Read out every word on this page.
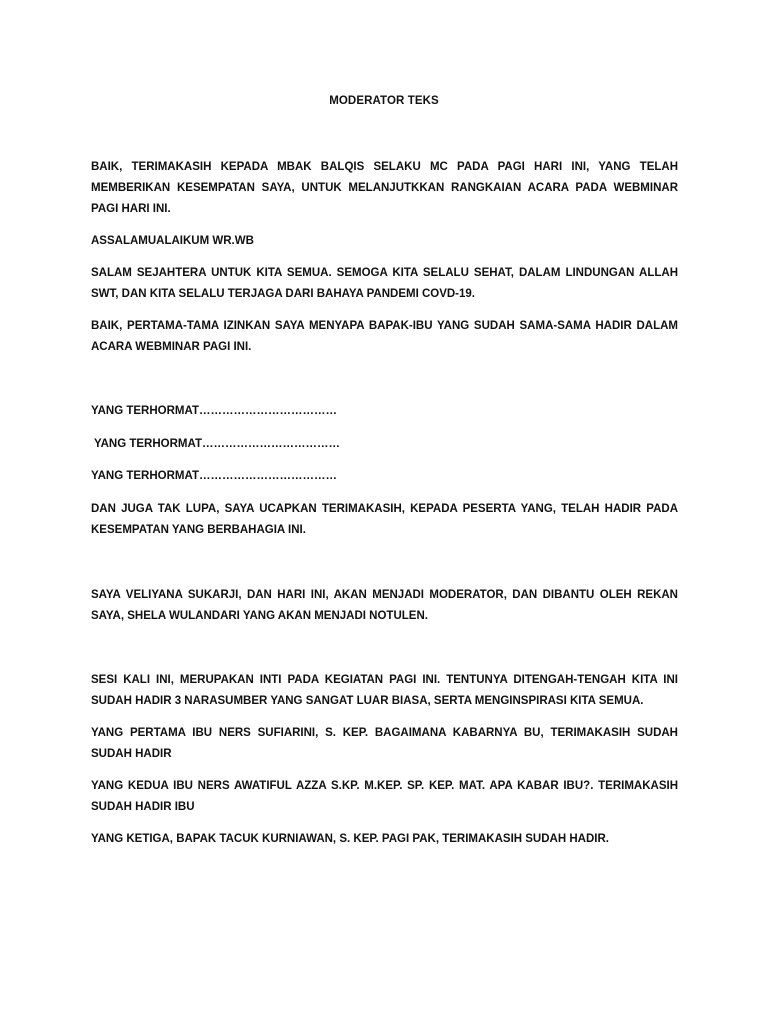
MODERATOR TEKS

BAIK, TERIMAKASIH KEPADA MBAK BALQIS SELAKU MC PADA PAGI HARI INI, YANG TELAH MEMBERIKAN KESEMPATAN SAYA, UNTUK MELANJUTKKAN RANGKAIAN ACARA PADA WEBMINAR PAGI HARI INI.

ASSALAMUALAIKUM WR.WB

SALAM SEJAHTERA UNTUK KITA SEMUA. SEMOGA KITA SELALU SEHAT, DALAM LINDUNGAN ALLAH SWT, DAN KITA SELALU TERJAGA DARI BAHAYA PANDEMI COVD-19.

BAIK, PERTAMA-TAMA IZINKAN SAYA MENYAPA BAPAK-IBU YANG SUDAH SAMA-SAMA HADIR DALAM ACARA WEBMINAR PAGI INI.

YANG TERHORMAT………………………………

YANG TERHORMAT………………………………

YANG TERHORMAT………………………………

DAN JUGA TAK LUPA, SAYA UCAPKAN TERIMAKASIH, KEPADA PESERTA YANG, TELAH HADIR PADA KESEMPATAN YANG BERBAHAGIA INI.

SAYA VELIYANA SUKARJI, DAN HARI INI, AKAN MENJADI MODERATOR, DAN DIBANTU OLEH REKAN SAYA, SHELA WULANDARI YANG AKAN MENJADI NOTULEN.

SESI KALI INI, MERUPAKAN INTI PADA KEGIATAN PAGI INI. TENTUNYA DITENGAH-TENGAH KITA INI SUDAH HADIR 3 NARASUMBER YANG SANGAT LUAR BIASA, SERTA MENGINSPIRASI KITA SEMUA.

YANG PERTAMA IBU NERS SUFIARINI, S. KEP. BAGAIMANA KABARNYA BU, TERIMAKASIH SUDAH SUDAH HADIR

YANG KEDUA IBU NERS AWATIFUL AZZA S.KP. M.KEP. SP. KEP. MAT. APA KABAR IBU?. TERIMAKASIH SUDAH HADIR IBU

YANG KETIGA, BAPAK TACUK KURNIAWAN, S. KEP. PAGI PAK, TERIMAKASIH SUDAH HADIR.
